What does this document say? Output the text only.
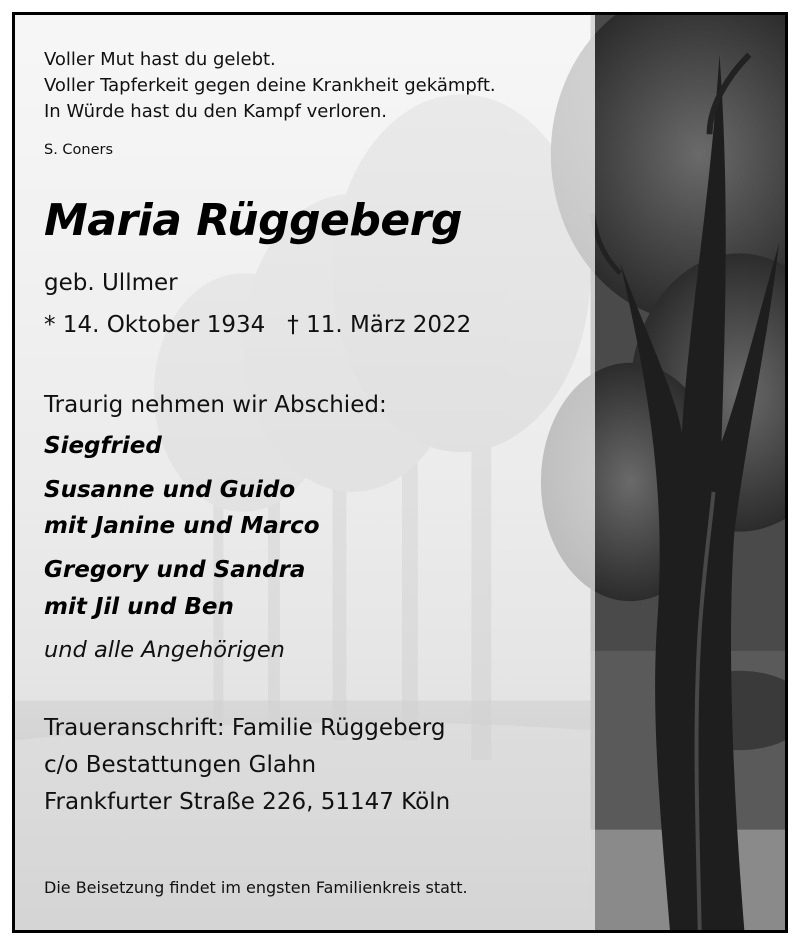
Voller Mut hast du gelebt.

Voller Tapferkeit gegen deine Krankheit gekämpft.

In Würde hast du den Kampf verloren.

S. Coners

Maria Rüggeberg

geb. Ullmer

* 14. Oktober 1934 † 11. März 2022

Traurig nehmen wir Abschied:

Siegfried

Susanne und Guido

mit Janine und Marco

Gregory und Sandra

mit Jil und Ben

und alle Angehörigen

Traueranschrift: Familie Rüggeberg

c/o Bestattungen Glahn

Frankfurter Straße 226, 51147 Köln

Die Beisetzung findet im engsten Familienkreis statt.
